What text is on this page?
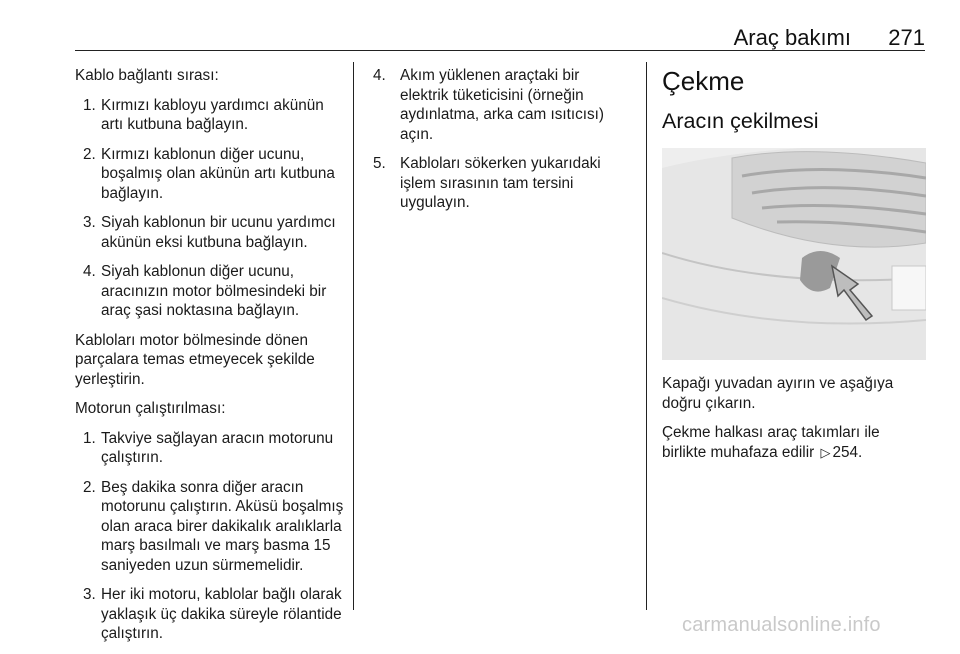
Araç bakımı 271

Kablo bağlantı sırası:

1. Kırmızı kabloyu yardımcı akünün artı kutbuna bağlayın.
2. Kırmızı kablonun diğer ucunu, boşalmış olan akünün artı kutbuna bağlayın.
3. Siyah kablonun bir ucunu yardımcı akünün eksi kutbuna bağlayın.
4. Siyah kablonun diğer ucunu, aracınızın motor bölmesindeki bir araç şasi noktasına bağlayın.

Kabloları motor bölmesinde dönen parçalara temas etmeyecek şekilde yerleştirin.

Motorun çalıştırılması:

1. Takviye sağlayan aracın motorunu çalıştırın.
2. Beş dakika sonra diğer aracın motorunu çalıştırın. Aküsü boşalmış olan araca birer dakikalık aralıklarla marş basılmalı ve marş basma 15 saniyeden uzun sürmemelidir.
3. Her iki motoru, kablolar bağlı olarak yaklaşık üç dakika süreyle rölantide çalıştırın.
4. Akım yüklenen araçtaki bir elektrik tüketicisini (örneğin aydınlatma, arka cam ısıtıcısı) açın.
5. Kabloları sökerken yukarıdaki işlem sırasının tam tersini uygulayın.
Çekme
Aracın çekilmesi

Kapağı yuvadan ayırın ve aşağıya doğru çıkarın.

Çekme halkası araç takımları ile birlikte muhafaza edilir ▷ 254.

carmanualsonline.info
